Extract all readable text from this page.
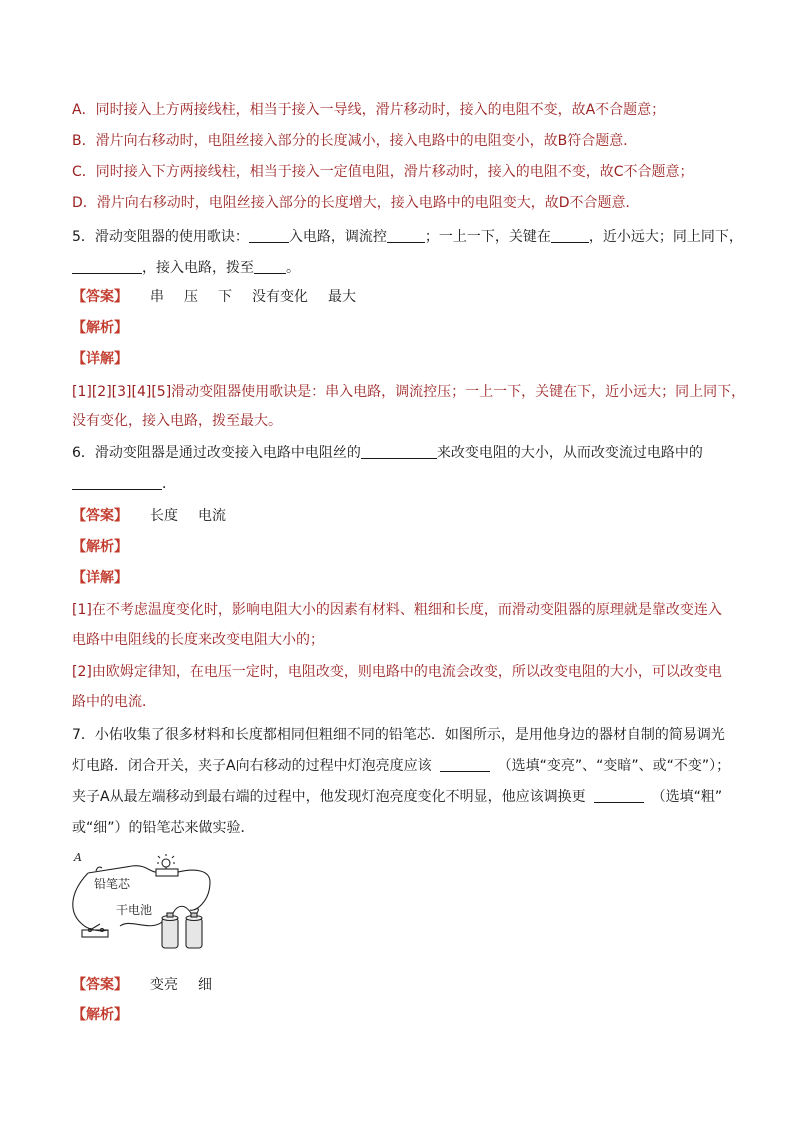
A．同时接入上方两接线柱，相当于接入一导线，滑片移动时，接入的电阻不变，故A不合题意；
B．滑片向右移动时，电阻丝接入部分的长度减小，接入电路中的电阻变小，故B符合题意．
C．同时接入下方两接线柱，相当于接入一定值电阻，滑片移动时，接入的电阻不变，故C不合题意；
D．滑片向右移动时，电阻丝接入部分的长度增大，接入电路中的电阻变大，故D不合题意．
5．滑动变阻器的使用歌诀：	入电路，调流控	；一上一下，关键在	，近小远大；同上同下，
，接入电路，拨至 。
【答案】 串 压 下 没有变化 最大
【解析】
【详解】
[1][2][3][4][5]滑动变阻器使用歌诀是：串入电路，调流控压；一上一下，关键在下，近小远大；同上同下，
没有变化，接入电路，拨至最大。
6．滑动变阻器是通过改变接入电路中电阻丝的	来改变电阻的大小，从而改变流过电路中的
．
【答案】 长度 电流
【解析】
【详解】
[1]在不考虑温度变化时，影响电阻大小的因素有材料、粗细和长度，而滑动变阻器的原理就是靠改变连入
电路中电阻线的长度来改变电阻大小的；
[2]由欧姆定律知，在电压一定时，电阻改变，则电路中的电流会改变，所以改变电阻的大小，可以改变电
路中的电流．
7．小佑收集了很多材料和长度都相同但粗细不同的铅笔芯．如图所示，是用他身边的器材自制的简易调光
灯电路．闭合开关，夹子A向右移动的过程中灯泡亮度应该	（选填“变亮”、“变暗”、或“不变”）；
夹子A从最左端移动到最右端的过程中，他发现灯泡亮度变化不明显，他应该调换更	（选填“粗”
或“细”）的铅笔芯来做实验．
A
铅笔芯
干电池
【答案】 变亮 细
【解析】
